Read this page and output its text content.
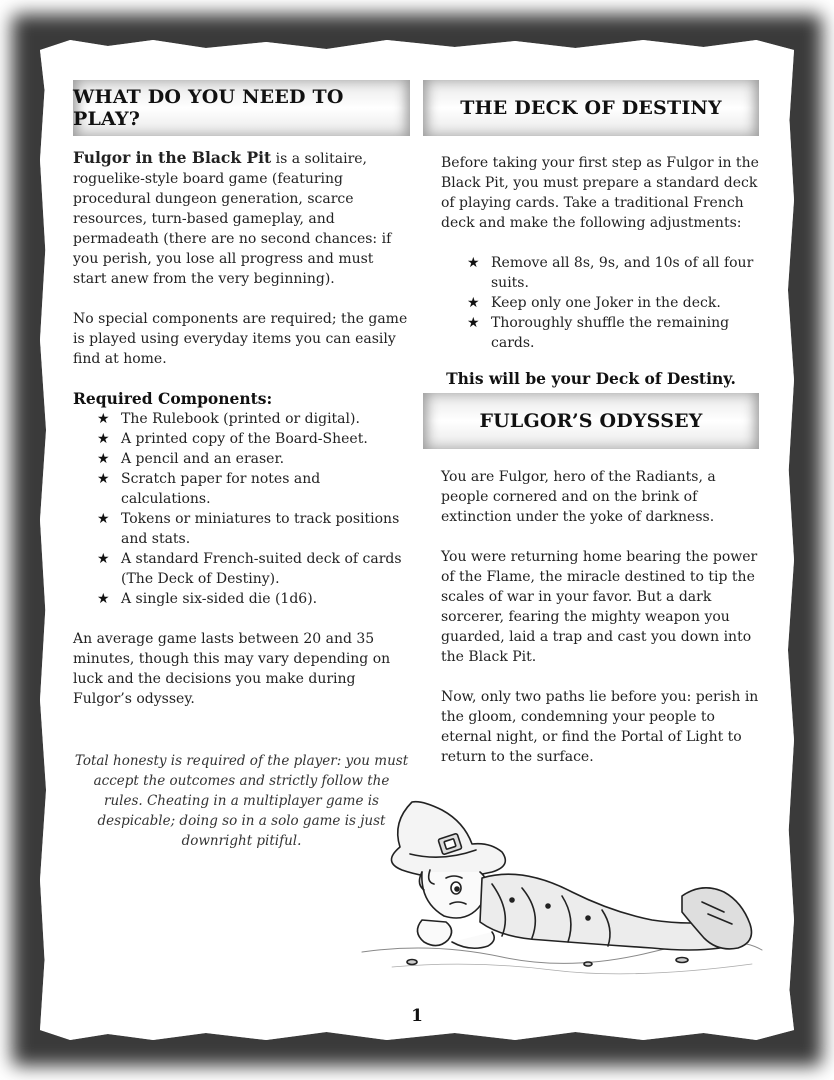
WHAT DO YOU NEED TO PLAY?

Fulgor in the Black Pit is a solitaire, roguelike-style board game (featuring procedural dungeon generation, scarce resources, turn-based gameplay, and permadeath (there are no second chances: if you perish, you lose all progress and must start anew from the very beginning).

No special components are required; the game is played using everyday items you can easily find at home.

Required Components:

★ The Rulebook (printed or digital).
★ A printed copy of the Board-Sheet.
★ A pencil and an eraser.
★ Scratch paper for notes and calculations.
★ Tokens or miniatures to track positions and stats.
★ A standard French-suited deck of cards (The Deck of Destiny).
★ A single six-sided die (1d6).

An average game lasts between 20 and 35 minutes, though this may vary depending on luck and the decisions you make during Fulgor’s odyssey.

Total honesty is required of the player: you must accept the outcomes and strictly follow the rules. Cheating in a multiplayer game is despicable; doing so in a solo game is just downright pitiful.

THE DECK OF DESTINY

Before taking your first step as Fulgor in the Black Pit, you must prepare a standard deck of playing cards. Take a traditional French deck and make the following adjustments:

★ Remove all 8s, 9s, and 10s of all four suits.
★ Keep only one Joker in the deck.
★ Thoroughly shuffle the remaining cards.

This will be your Deck of Destiny.

FULGOR’S ODYSSEY

You are Fulgor, hero of the Radiants, a people cornered and on the brink of extinction under the yoke of darkness.

You were returning home bearing the power of the Flame, the miracle destined to tip the scales of war in your favor. But a dark sorcerer, fearing the mighty weapon you guarded, laid a trap and cast you down into the Black Pit.

Now, only two paths lie before you: perish in the gloom, condemning your people to eternal night, or find the Portal of Light to return to the surface.

1
